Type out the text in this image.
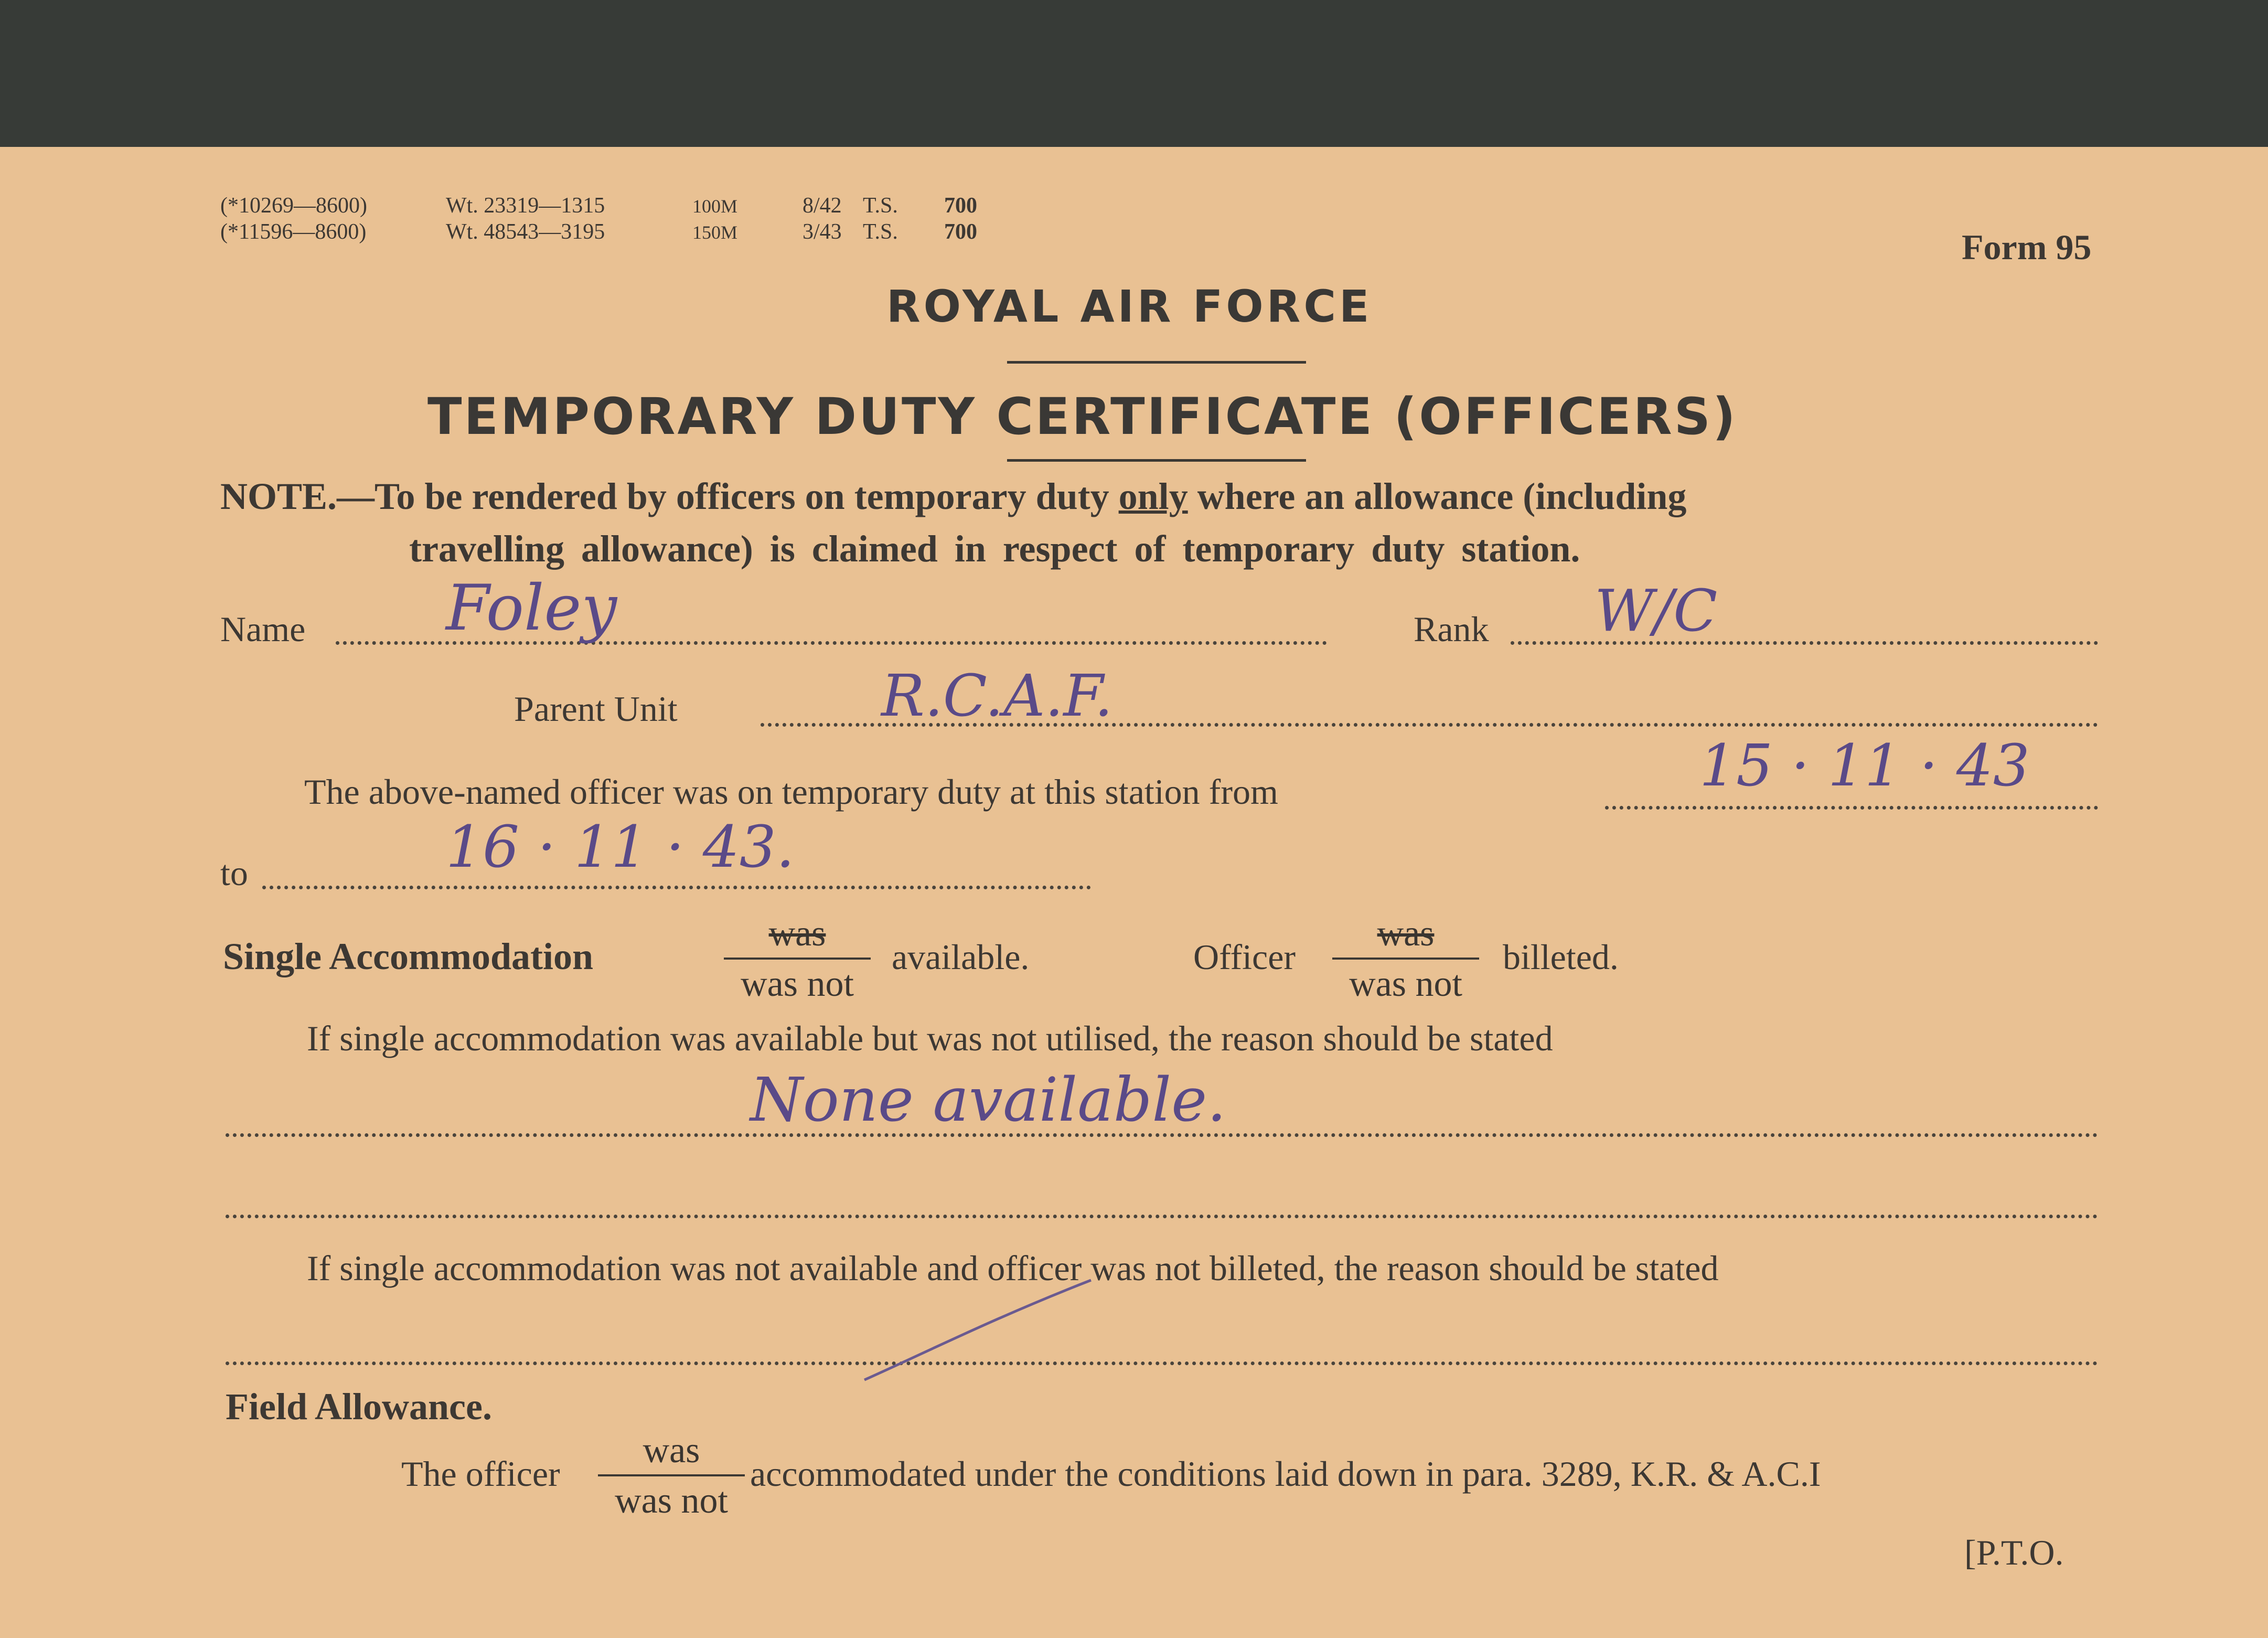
(*10269—8600)	Wt. 23319—1315	100M	8/42 T.S. 700
(*11596—8600)	Wt. 48543—3195	150M	3/43 T.S. 700	Form 95
ROYAL AIR FORCE
TEMPORARY DUTY CERTIFICATE (OFFICERS)
NOTE.—To be rendered by officers on temporary duty only where an allowance (including
travelling allowance) is claimed in respect of temporary duty station.
Name Foley	Rank W/C
Parent Unit	R.C.A.F.
The above-named officer was on temporary duty at this station from	15 · 11 · 43
to	16 · 11 · 43.
Single Accommodation
was
was not
available.	Officer
was
was not
billeted.
If single accommodation was available but was not utilised, the reason should be stated
None available.
If single accommodation was not available and officer was not billeted, the reason should be stated
Field Allowance.
The officer
was
was not
accommodated under the conditions laid down in para. 3289, K.R. & A.C.I
[P.T.O.
